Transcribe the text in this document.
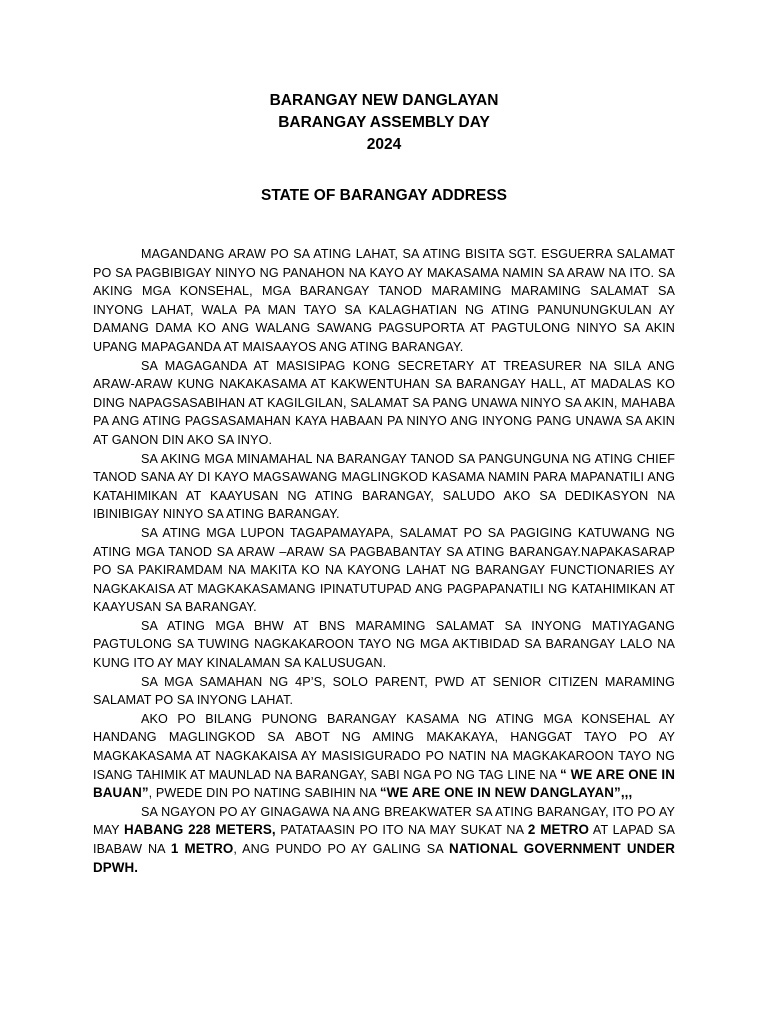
BARANGAY NEW DANGLAYAN

BARANGAY ASSEMBLY DAY

2024

STATE OF BARANGAY ADDRESS

MAGANDANG ARAW PO SA ATING LAHAT, SA ATING BISITA SGT. ESGUERRA SALAMAT PO SA PAGBIBIGAY NINYO NG PANAHON NA KAYO AY MAKASAMA NAMIN SA ARAW NA ITO. SA AKING MGA KONSEHAL, MGA BARANGAY TANOD MARAMING MARAMING SALAMAT SA INYONG LAHAT, WALA PA MAN TAYO SA KALAGHATIAN NG ATING PANUNUNGKULAN AY DAMANG DAMA KO ANG WALANG SAWANG PAGSUPORTA AT PAGTULONG NINYO SA AKIN UPANG MAPAGANDA AT MAISAAYOS ANG ATING BARANGAY.

SA MAGAGANDA AT MASISIPAG KONG SECRETARY AT TREASURER NA SILA ANG ARAW-ARAW KUNG NAKAKASAMA AT KAKWENTUHAN SA BARANGAY HALL, AT MADALAS KO DING NAPAGSASABIHAN AT KAGILGILAN, SALAMAT SA PANG UNAWA NINYO SA AKIN, MAHABA PA ANG ATING PAGSASAMAHAN KAYA HABAAN PA NINYO ANG INYONG PANG UNAWA SA AKIN AT GANON DIN AKO SA INYO.

SA AKING MGA MINAMAHAL NA BARANGAY TANOD SA PANGUNGUNA NG ATING CHIEF TANOD SANA AY DI KAYO MAGSAWANG MAGLINGKOD KASAMA NAMIN PARA MAPANATILI ANG KATAHIMIKAN AT KAAYUSAN NG ATING BARANGAY, SALUDO AKO SA DEDIKASYON NA IBINIBIGAY NINYO SA ATING BARANGAY.

SA ATING MGA LUPON TAGAPAMAYAPA, SALAMAT PO SA PAGIGING KATUWANG NG ATING MGA TANOD SA ARAW –ARAW SA PAGBABANTAY SA ATING BARANGAY.NAPAKASARAP PO SA PAKIRAMDAM NA MAKITA KO NA KAYONG LAHAT NG BARANGAY FUNCTIONARIES AY NAGKAKAISA AT MAGKAKASAMANG IPINATUTUPAD ANG PAGPAPANATILI NG KATAHIMIKAN AT KAAYUSAN SA BARANGAY.

SA ATING MGA BHW AT BNS MARAMING SALAMAT SA INYONG MATIYAGANG PAGTULONG SA TUWING NAGKAKAROON TAYO NG MGA AKTIBIDAD SA BARANGAY LALO NA KUNG ITO AY MAY KINALAMAN SA KALUSUGAN.

SA MGA SAMAHAN NG 4P’S, SOLO PARENT, PWD AT SENIOR CITIZEN MARAMING SALAMAT PO SA INYONG LAHAT.

AKO PO BILANG PUNONG BARANGAY KASAMA NG ATING MGA KONSEHAL AY HANDANG MAGLINGKOD SA ABOT NG AMING MAKAKAYA, HANGGAT TAYO PO AY MAGKAKASAMA AT NAGKAKAISA AY MASISIGURADO PO NATIN NA MAGKAKAROON TAYO NG ISANG TAHIMIK AT MAUNLAD NA BARANGAY, SABI NGA PO NG TAG LINE NA “ WE ARE ONE IN BAUAN”, PWEDE DIN PO NATING SABIHIN NA “WE ARE ONE IN NEW DANGLAYAN”,,,

SA NGAYON PO AY GINAGAWA NA ANG BREAKWATER SA ATING BARANGAY, ITO PO AY MAY HABANG 228 METERS, PATATAASIN PO ITO NA MAY SUKAT NA 2 METRO AT LAPAD SA IBABAW NA 1 METRO, ANG PUNDO PO AY GALING SA NATIONAL GOVERNMENT UNDER DPWH.
